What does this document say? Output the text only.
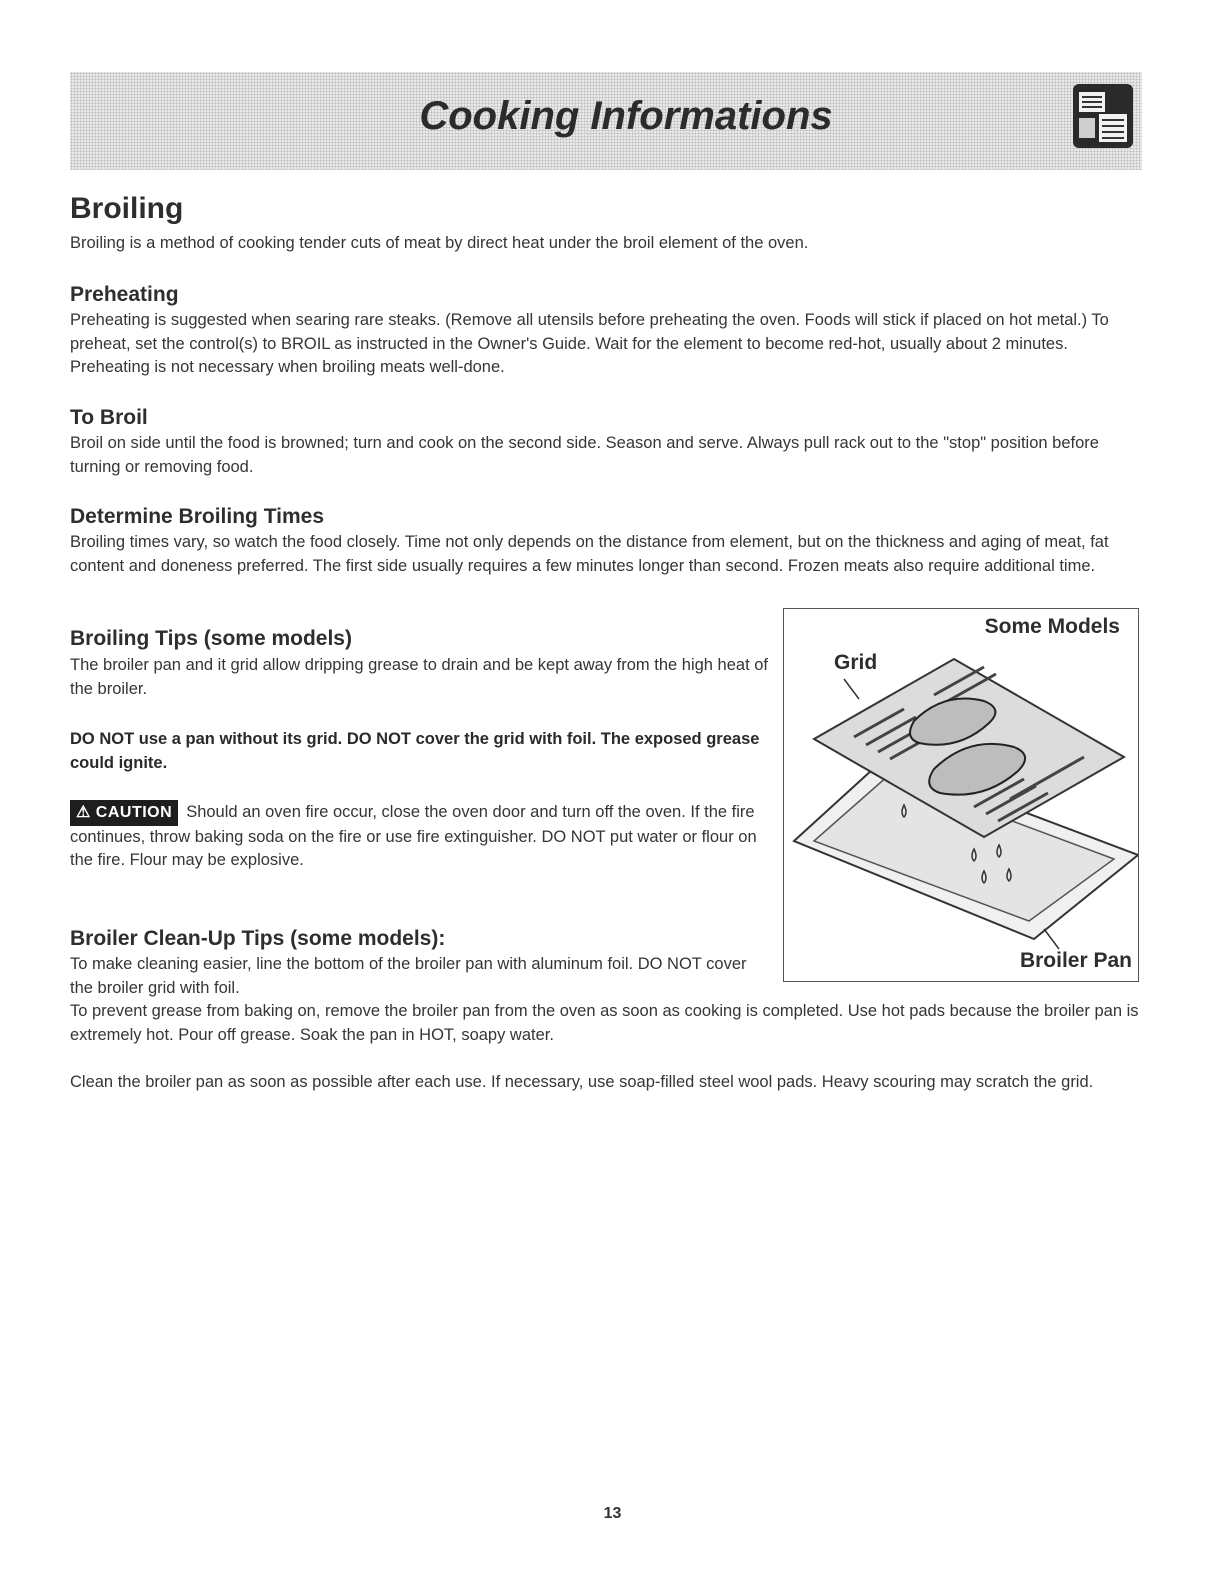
Cooking Informations
Broiling

Broiling is a method of cooking tender cuts of meat by direct heat under the broil element of the oven.

Preheating

Preheating is suggested when searing rare steaks. (Remove all utensils before preheating the oven. Foods will stick if placed on hot metal.) To preheat, set the control(s) to BROIL as instructed in the Owner's Guide. Wait for the element to become red-hot, usually about 2 minutes. Preheating is not necessary when broiling meats well-done.

To Broil

Broil on side until the food is browned; turn and cook on the second side. Season and serve. Always pull rack out to the "stop" position before turning or removing food.

Determine Broiling Times

Broiling times vary, so watch the food closely. Time not only depends on the distance from element, but on the thickness and aging of meat, fat content and doneness preferred. The first side usually requires a few minutes longer than second. Frozen meats also require additional time.

Broiling Tips (some models)

The broiler pan and it grid allow dripping grease to drain and be kept away from the high heat of the broiler.

DO NOT use a pan without its grid. DO NOT cover the grid with foil. The exposed grease could ignite.

⚠ CAUTION Should an oven fire occur, close the oven door and turn off the oven. If the fire continues, throw baking soda on the fire or use fire extinguisher. DO NOT put water or flour on the fire. Flour may be explosive.

Broiler Clean-Up Tips (some models):

To make cleaning easier, line the bottom of the broiler pan with aluminum foil. DO NOT cover the broiler grid with foil.

To prevent grease from baking on, remove the broiler pan from the oven as soon as cooking is completed. Use hot pads because the broiler pan is extremely hot. Pour off grease. Soak the pan in HOT, soapy water.

Clean the broiler pan as soon as possible after each use. If necessary, use soap-filled steel wool pads. Heavy scouring may scratch the grid.

Some Models
Grid
Broiler Pan
13
